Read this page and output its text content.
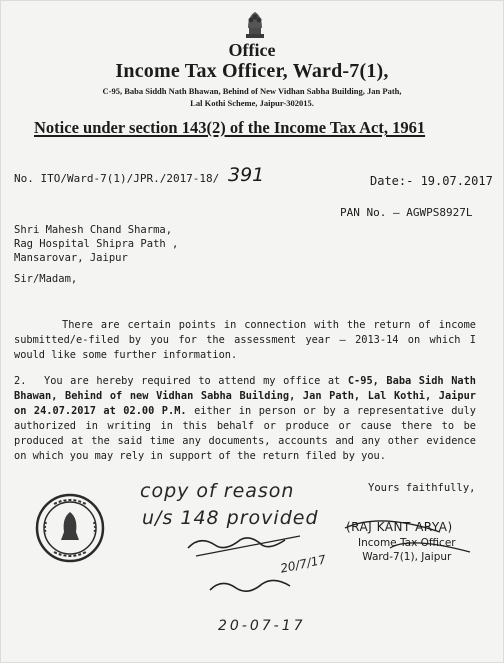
Office
Income Tax Officer, Ward-7(1),
C-95, Baba Siddh Nath Bhawan, Behind of New Vidhan Sabha Building, Jan Path,
Lal Kothi Scheme, Jaipur-302015.
Notice under section 143(2) of the Income Tax Act, 1961
No. ITO/Ward-7(1)/JPR./2017-18/ 391	Date:- 19.07.2017
PAN No. – AGWPS8927L
Shri Mahesh Chand Sharma,
Rag Hospital Shipra Path ,
Mansarovar, Jaipur
Sir/Madam,
There are certain points in connection with the return of income submitted/e-filed by you for the assessment year – 2013-14 on which I would like some further information.
2. You are hereby required to attend my office at C-95, Baba Sidh Nath Bhawan, Behind of new Vidhan Sabha Building, Jan Path, Lal Kothi, Jaipur on 24.07.2017 at 02.00 P.M. either in person or by a representative duly authorized in writing in this behalf or produce or cause there to be produced at the said time any documents, accounts and any other evidence on which you may rely in support of the return filed by you.
copy of reason
u/s 148 provided
20/7/17
20-07-17
Yours faithfully,
(RAJ KANT ARYA)
Income Tax Officer
Ward-7(1), Jaipur
